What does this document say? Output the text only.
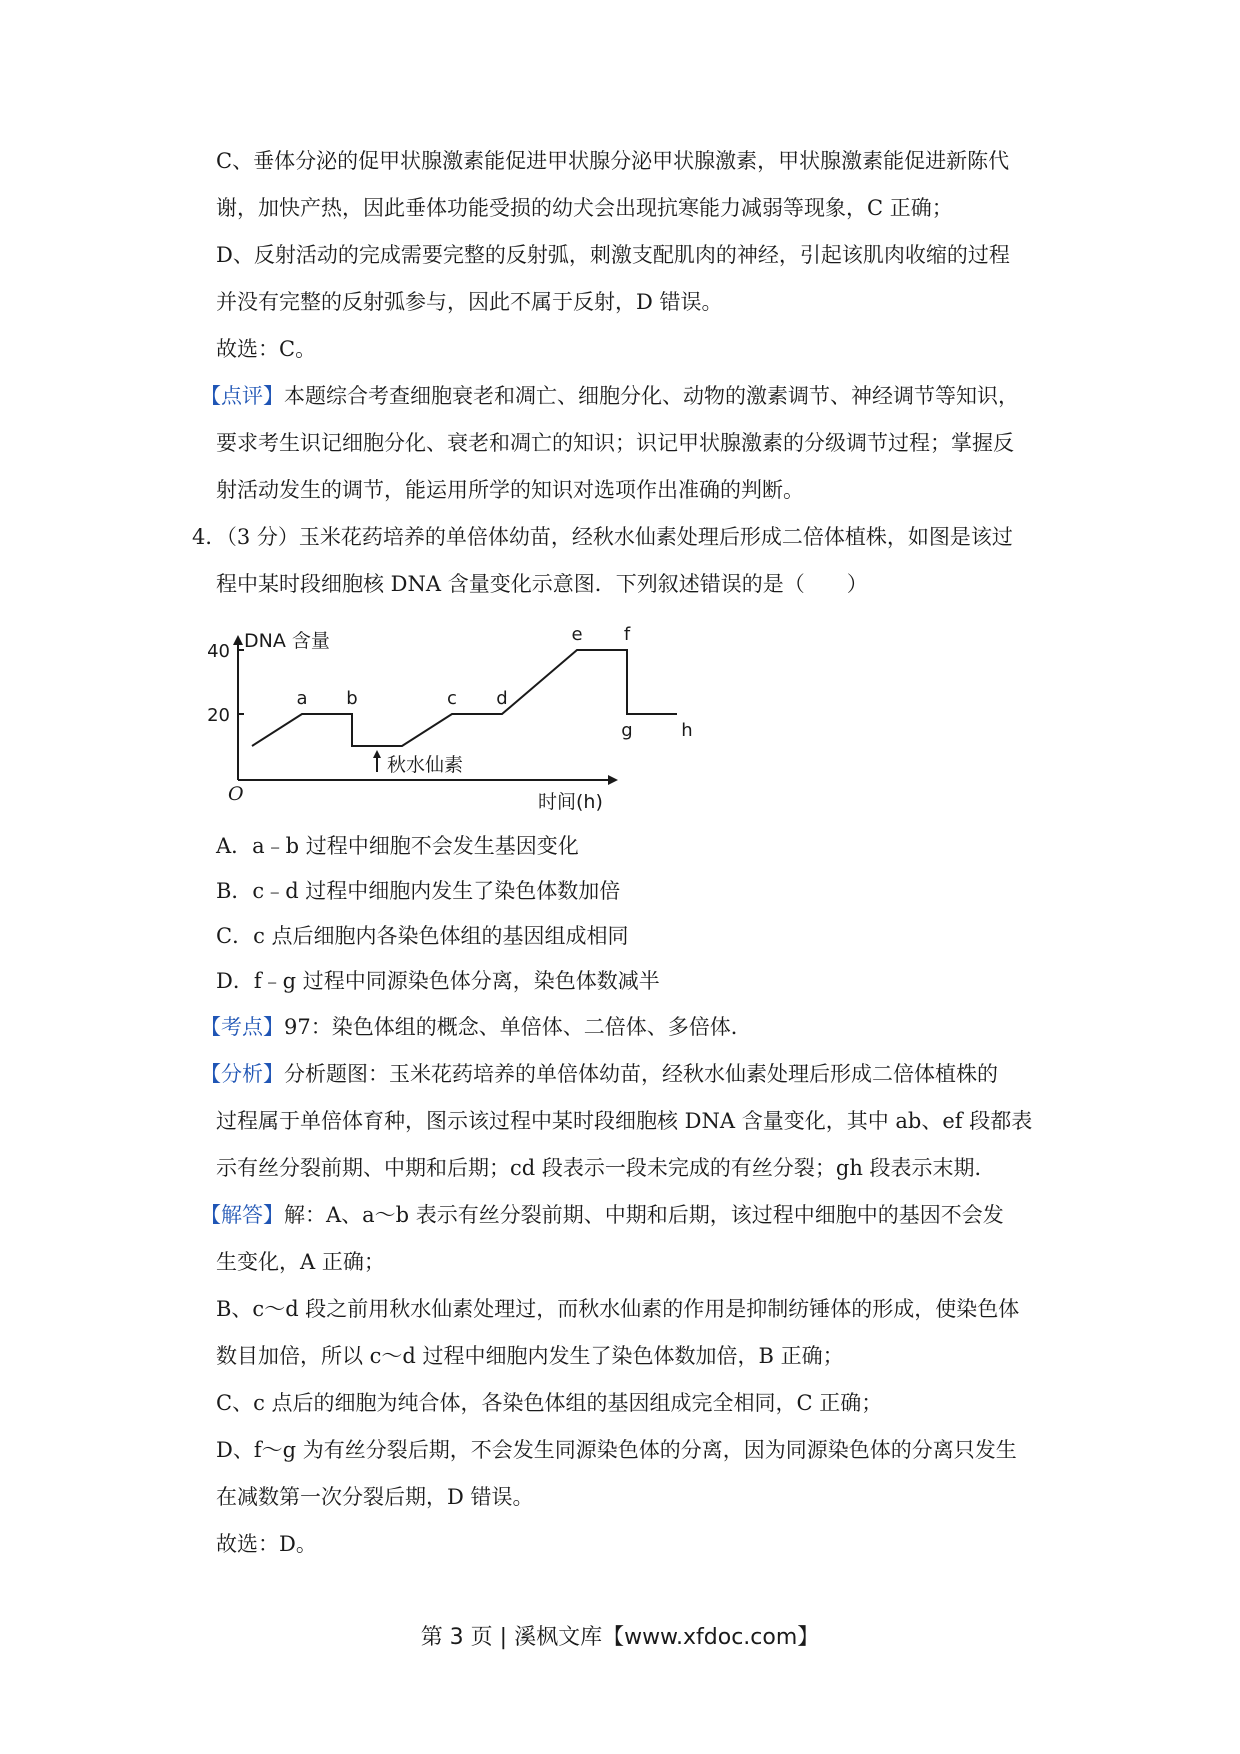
C、垂体分泌的促甲状腺激素能促进甲状腺分泌甲状腺激素，甲状腺激素能促进新陈代
谢，加快产热，因此垂体功能受损的幼犬会出现抗寒能力减弱等现象，C 正确；
D、反射活动的完成需要完整的反射弧，刺激支配肌肉的神经，引起该肌肉收缩的过程
并没有完整的反射弧参与，因此不属于反射，D 错误。
故选：C。
【点评】本题综合考查细胞衰老和凋亡、细胞分化、动物的激素调节、神经调节等知识，
要求考生识记细胞分化、衰老和凋亡的知识；识记甲状腺激素的分级调节过程；掌握反
射活动发生的调节，能运用所学的知识对选项作出准确的判断。
4．（3 分）玉米花药培养的单倍体幼苗，经秋水仙素处理后形成二倍体植株，如图是该过
程中某时段细胞核 DNA 含量变化示意图．下列叙述错误的是（　　）
DNA 含量
时间(h)
O
20
40
a b	c d
e f
g	h
秋水仙素
A．a﹣b 过程中细胞不会发生基因变化
B．c﹣d 过程中细胞内发生了染色体数加倍
C．c 点后细胞内各染色体组的基因组成相同
D．f﹣g 过程中同源染色体分离，染色体数减半
【考点】97：染色体组的概念、单倍体、二倍体、多倍体．
【分析】分析题图：玉米花药培养的单倍体幼苗，经秋水仙素处理后形成二倍体植株的
过程属于单倍体育种，图示该过程中某时段细胞核 DNA 含量变化，其中 ab、ef 段都表
示有丝分裂前期、中期和后期；cd 段表示一段未完成的有丝分裂；gh 段表示末期．
【解答】解：A、a～b 表示有丝分裂前期、中期和后期，该过程中细胞中的基因不会发
生变化，A 正确；
B、c～d 段之前用秋水仙素处理过，而秋水仙素的作用是抑制纺锤体的形成，使染色体
数目加倍，所以 c～d 过程中细胞内发生了染色体数加倍，B 正确；
C、c 点后的细胞为纯合体，各染色体组的基因组成完全相同，C 正确；
D、f～g 为有丝分裂后期，不会发生同源染色体的分离，因为同源染色体的分离只发生
在减数第一次分裂后期，D 错误。
故选：D。
第 3 页 | 溪枫文库【www.xfdoc.com】
